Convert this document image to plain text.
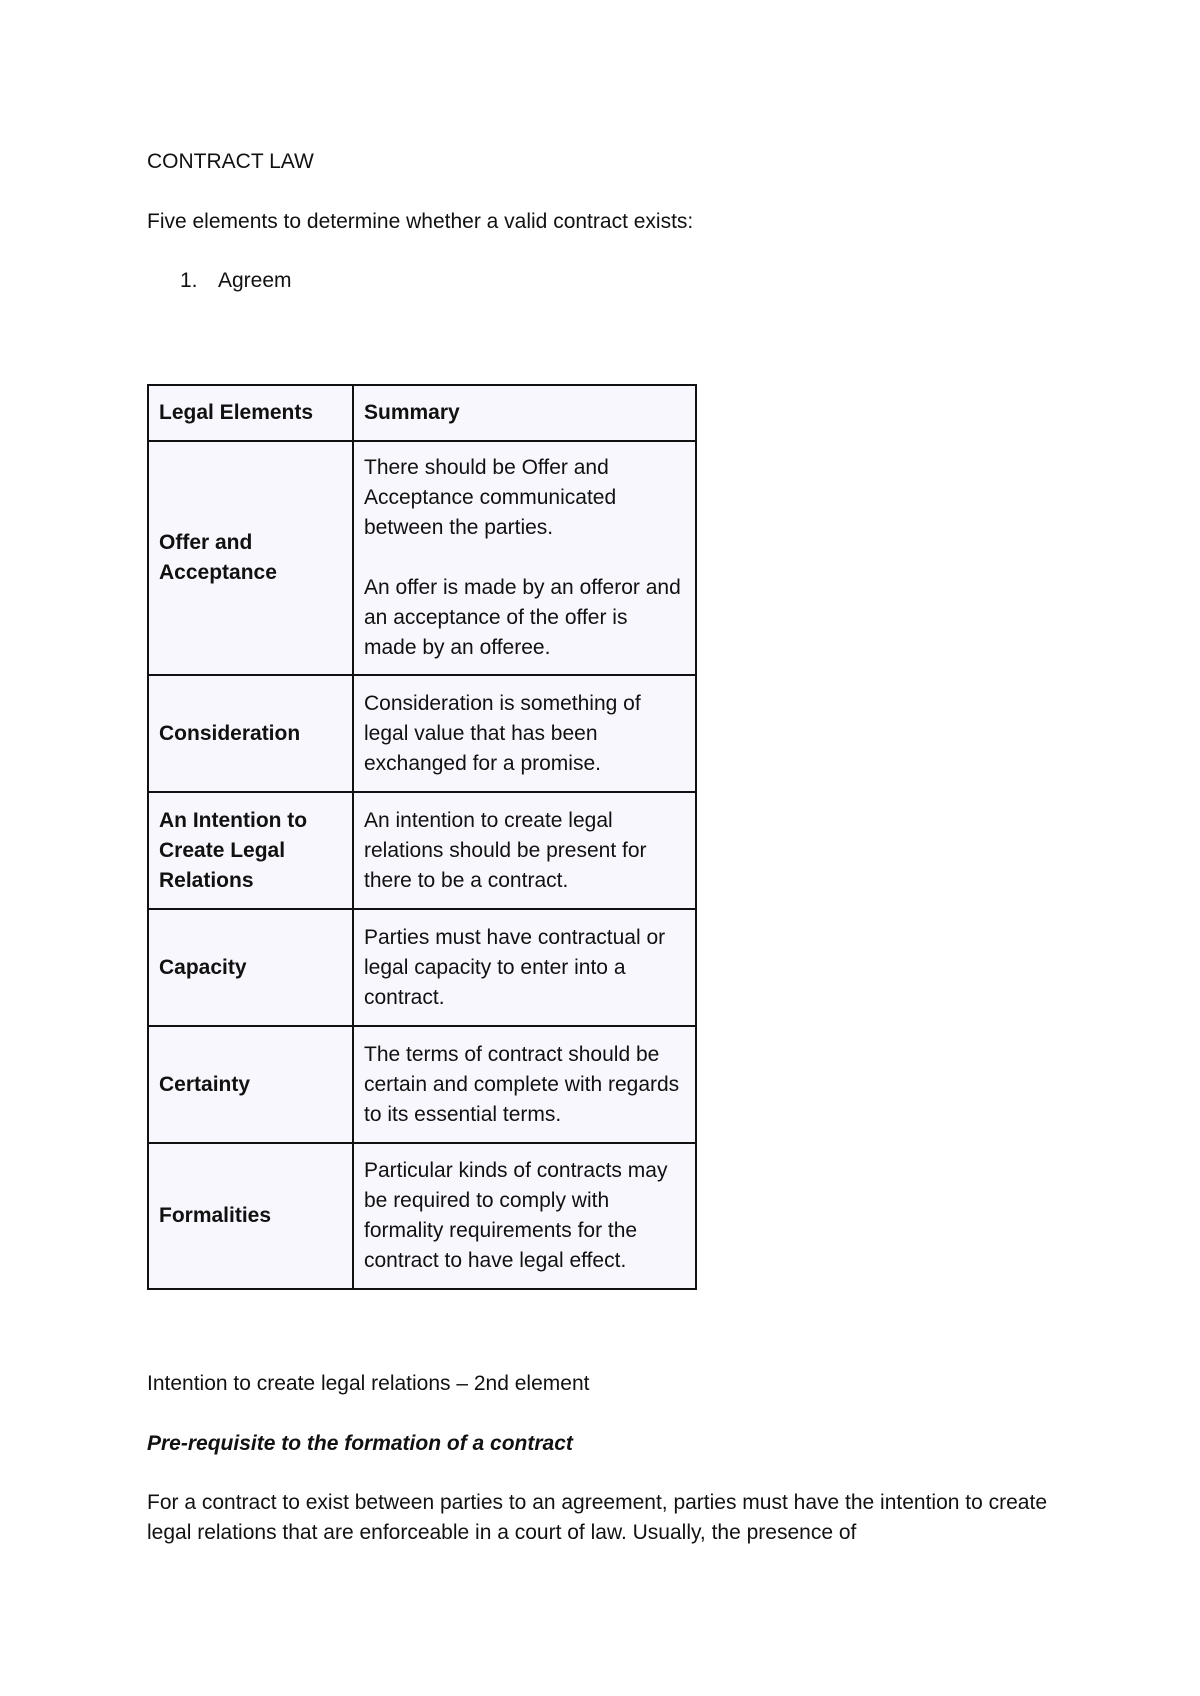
CONTRACT LAW
Five elements to determine whether a valid contract exists:
1. Agreem
Legal Elements	Summary
Offer and Acceptance	There should be Offer and Acceptance communicated between the parties.
An offer is made by an offeror and an acceptance of the offer is made by an offeree.

Consideration	Consideration is something of legal value that has been exchanged for a promise.

An Intention to Create Legal Relations	An intention to create legal relations should be present for there to be a contract.

Capacity	Parties must have contractual or legal capacity to enter into a contract.

Certainty	The terms of contract should be certain and complete with regards to its essential terms.

Formalities	Particular kinds of contracts may be required to comply with formality requirements for the contract to have legal effect.
Intention to create legal relations – 2nd element
Pre-requisite to the formation of a contract
For a contract to exist between parties to an agreement, parties must have the intention to create legal relations that are enforceable in a court of law. Usually, the presence of
